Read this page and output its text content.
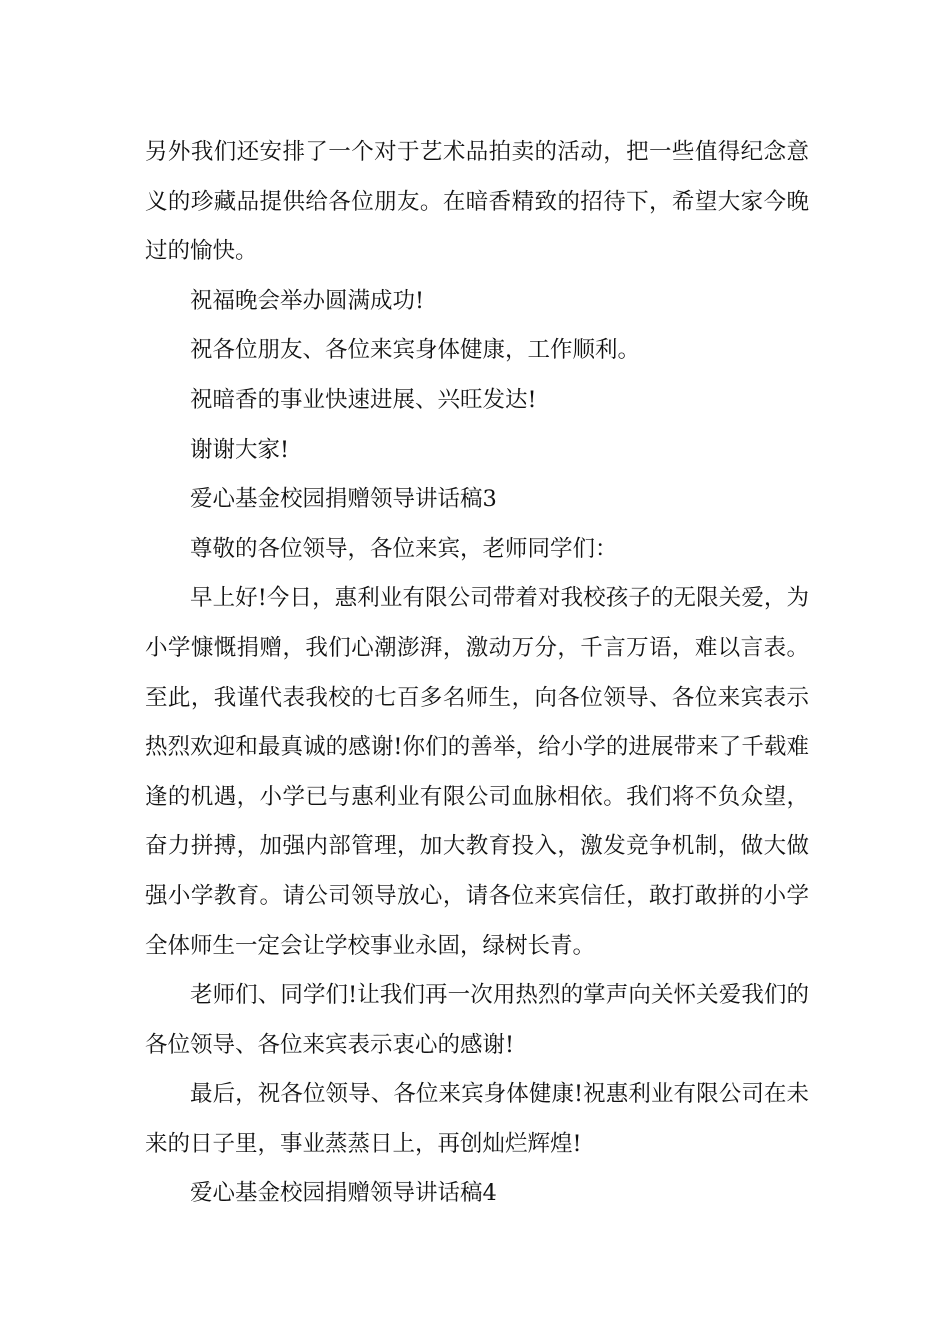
另外我们还安排了一个对于艺术品拍卖的活动，把一些值得纪念意义的珍藏品提供给各位朋友。在暗香精致的招待下，希望大家今晚过的愉快。

祝福晚会举办圆满成功!

祝各位朋友、各位来宾身体健康，工作顺利。

祝暗香的事业快速进展、兴旺发达!

谢谢大家!

爱心基金校园捐赠领导讲话稿3

尊敬的各位领导，各位来宾，老师同学们：

早上好!今日，惠利业有限公司带着对我校孩子的无限关爱，为小学慷慨捐赠，我们心潮澎湃，激动万分，千言万语，难以言表。至此，我谨代表我校的七百多名师生，向各位领导、各位来宾表示热烈欢迎和最真诚的感谢!你们的善举，给小学的进展带来了千载难逢的机遇，小学已与惠利业有限公司血脉相依。我们将不负众望，奋力拼搏，加强内部管理，加大教育投入，激发竞争机制，做大做强小学教育。请公司领导放心，请各位来宾信任，敢打敢拼的小学全体师生一定会让学校事业永固，绿树长青。

老师们、同学们!让我们再一次用热烈的掌声向关怀关爱我们的各位领导、各位来宾表示衷心的感谢!

最后，祝各位领导、各位来宾身体健康!祝惠利业有限公司在未来的日子里，事业蒸蒸日上，再创灿烂辉煌!

爱心基金校园捐赠领导讲话稿4
